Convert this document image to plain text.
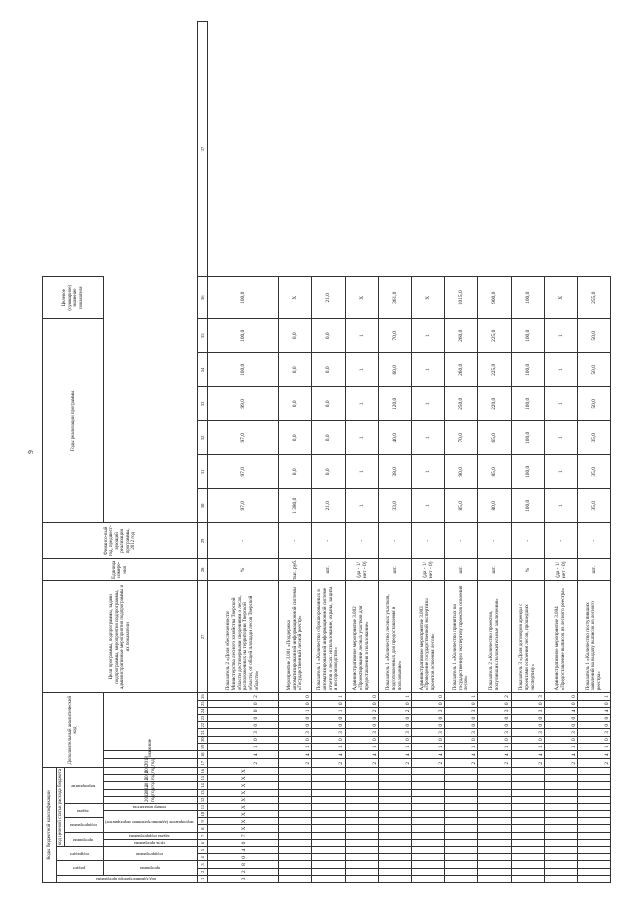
9
Коды бюджетной классификации																Дополнительный аналитический код										Цели программы, подпрограммы, задачи подпрограммы, мероприятия подпрограммы, административные мероприятия подпрограммы и их показатели	Единица измере-ния	Финансо-вый год, предшест-вующий реализации программы, 2012 год	Годы реализации программы						Целевое (суммарное) значение показателя	
код администратора программы	раздел		подраздел		код целевой статьи расхода бюджета																															
					программа		подпрограмма		задача		мероприятие																									
	программа		подпрограмма		цель программы	задача подпрограммы	мероприятие (административное мероприятие)			номер показателя	2013 год	2014 год	2015 год	2016 год	2017 год	2018 год	значение																			
1	2	3	4	5	6	7	8	9	10	11	12	13	14	15	16	17	18	19	20	21	22	23	24	25	26	27	28	29	30	31	32	33	34	35	36	37

3	2	8	0	4	0	7	X	X	X	X	X	X	X	X	X	2	4	1	0	3	0	0	0	0	2	Показатель 2 «Доля обеспеченности Министерства лесного хозяйства Тверской области достоверными сведениями о лесах, расположенных на территории Тверской области, от общей площади лесов Тверской области»	%	-	97,0	97,0	97,0	99,0	100,0	100,0	100,0	

																2	4	1	0	3	0	0	1	0	0	Мероприятие 3.001 «Поддержка автоматизированной информационной системы «Государственный лесной реестр»	тыс. руб.	-	1 380,0	0,0	0,0	0,0	0,0	0,0	X	

																2	4	1	0	3	0	0	1	0	1	Показатель 1 «Количество сброшюрованных в автоматизированной информационной системе отчетов о лесах: использование, охрана, защита и воспроизводство»	шт.	-	21,0	0,0	0,0	0,0	0,0	0,0	21,0	

																2	4	1	0	3	0	0	2	0	0	Административное мероприятие 3.002 «Проектирование лесных участков для предоставления в пользование»	(да - 1/нет - 0)	-	1	1	1	1	1	1	X	

																2	4	1	0	3	0	0	2	0	1	Показатель 1 «Количество лесных участков, подготовленных для предоставления в пользование»	шт.	-	33,0	38,0	40,0	120,0	60,0	70,0	361,0	

																2	4	1	0	3	0	0	3	0	0	Административное мероприятие 3.003 «Проведение государственной экспертизы проектов освоения лесов»	(да - 1/нет - 0)	-	1	1	1	1	1	1	X	

																2	4	1	0	3	0	0	3	0	1	Показатель 1 «Количество принятых на государственную экспертизу проектов освоения лесов»	шт.	-	85,0	90,0	70,0	250,0	260,0	260,0	1015,0	

																2	4	1	0	3	0	0	3	0	2	Показатель 2 «Количество проектов, получивших положительные заключения»	шт.	-	80,0	85,0	65,0	220,0	225,0	225,0	900,0	

																2	4	1	0	3	0	0	3	0	3	Показатель 3 «Доля договоров аренды с проектами освоения лесов, прошедших экспертизу»	%	-	100,0	100,0	100,0	100,0	100,0	100,0	100,0	

																2	4	1	0	3	0	0	4	0	0	Административное мероприятие 3.004 «Предоставление выписок из лесного реестра»	(да - 1/нет - 0)	-	1	1	1	1	1	1	X	

																2	4	1	0	3	0	0	4	0	1	Показатель 1 «Количество поступивших заявлений на выдачу выписок из лесного реестра»	шт.	-	35,0	35,0	35,0	50,0	50,0	50,0	255,0	
